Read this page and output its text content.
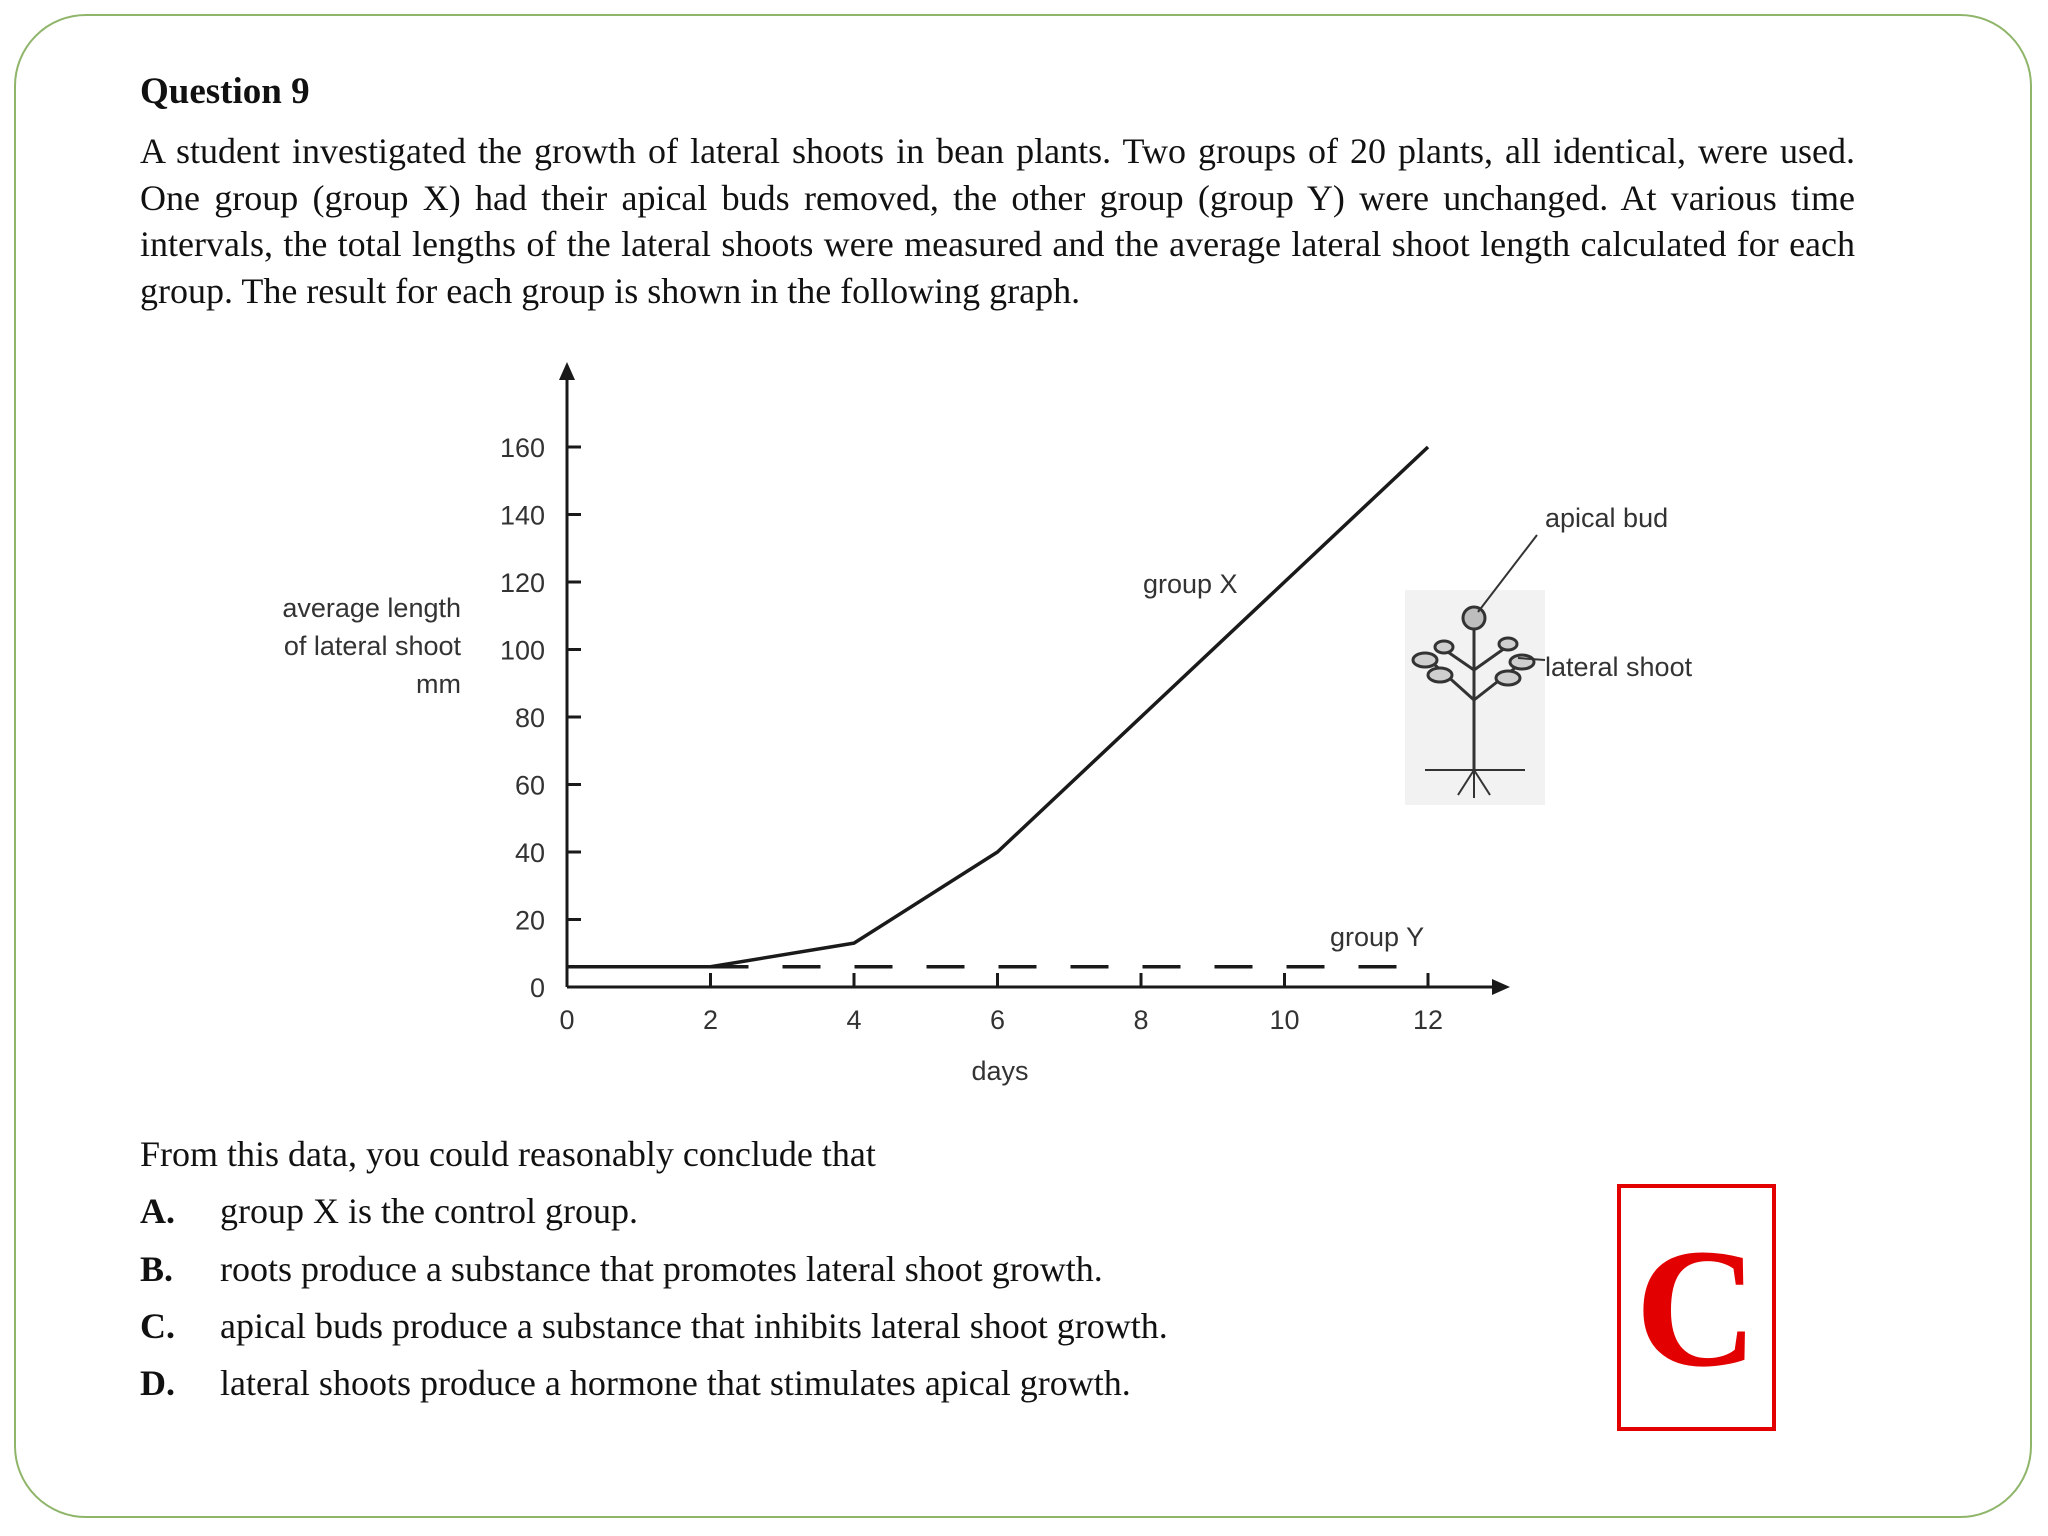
Question 9

A student investigated the growth of lateral shoots in bean plants. Two groups of 20 plants, all identical, were used. One group (group X) had their apical buds removed, the other group (group Y) were unchanged. At various time intervals, the total lengths of the lateral shoots were measured and the average lateral shoot length calculated for each group. The result for each group is shown in the following graph.

0
20
40
60
80
100
120
140
160
0	2	4	6	8	10	12
group X
group Y
days
average length
of lateral shoot
mm
apical bud
lateral shoot

From this data, you could reasonably conclude that

A. group X is the control group.
B. roots produce a substance that promotes lateral shoot growth.
C. apical buds produce a substance that inhibits lateral shoot growth.
D. lateral shoots produce a hormone that stimulates apical growth.	C
